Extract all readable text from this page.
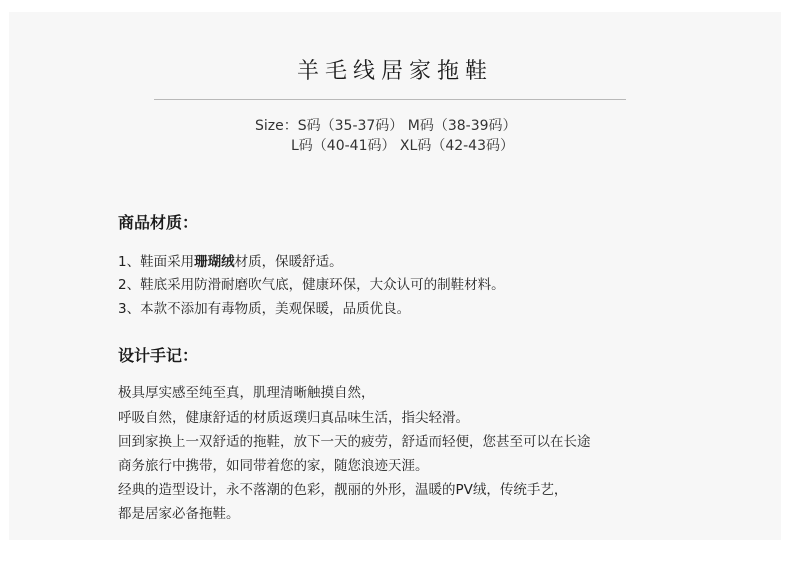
羊毛线居家拖鞋
Size：S码（35-37码） M码（38-39码）
L码（40-41码） XL码（42-43码）
商品材质：
1、鞋面采用珊瑚绒材质，保暖舒适。
2、鞋底采用防滑耐磨吹气底，健康环保，大众认可的制鞋材料。
3、本款不添加有毒物质，美观保暖，品质优良。
设计手记：
极具厚实感至纯至真，肌理清晰触摸自然，
呼吸自然，健康舒适的材质返璞归真品味生活，指尖轻滑。
回到家换上一双舒适的拖鞋，放下一天的疲劳，舒适而轻便，您甚至可以在长途
商务旅行中携带，如同带着您的家，随您浪迹天涯。
经典的造型设计，永不落潮的色彩，靓丽的外形，温暖的PV绒，传统手艺，
都是居家必备拖鞋。
